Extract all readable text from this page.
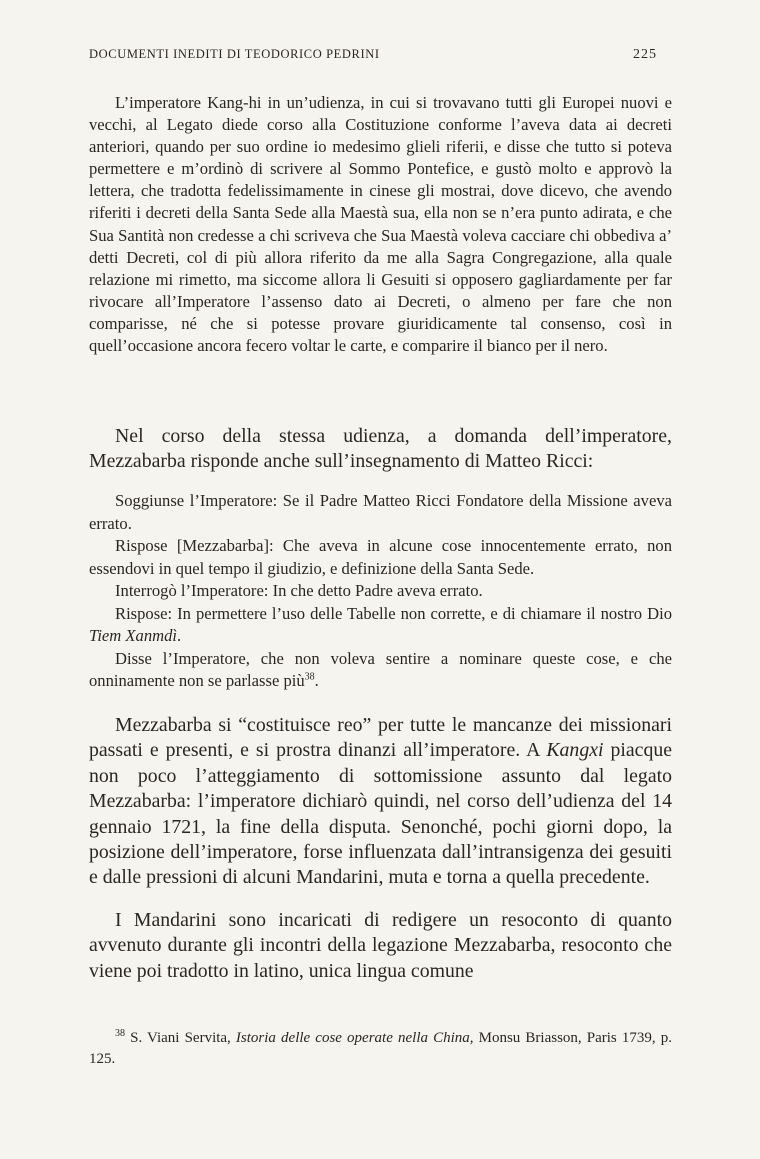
DOCUMENTI INEDITI DI TEODORICO PEDRINI	225

L’imperatore Kang-hi in un’udienza, in cui si trovavano tutti gli Europei nuovi e vecchi, al Legato diede corso alla Costituzione conforme l’aveva data ai decreti anteriori, quando per suo ordine io medesimo glieli riferii, e disse che tutto si poteva permettere e m’ordinò di scrivere al Sommo Pontefice, e gustò molto e approvò la lettera, che tradotta fedelissimamente in cinese gli mostrai, dove dicevo, che avendo riferiti i decreti della Santa Sede alla Maestà sua, ella non se n’era punto adirata, e che Sua Santità non credesse a chi scriveva che Sua Maestà voleva cacciare chi obbediva a’ detti Decreti, col di più allora riferito da me alla Sagra Congregazione, alla quale relazione mi rimetto, ma siccome allora li Gesuiti si opposero gagliardamente per far rivocare all’Imperatore l’assenso dato ai Decreti, o almeno per fare che non comparisse, né che si potesse provare giuridicamente tal consenso, così in quell’occasione ancora fecero voltar le carte, e comparire il bianco per il nero.

Nel corso della stessa udienza, a domanda dell’imperatore, Mezzabarba risponde anche sull’insegnamento di Matteo Ricci:

Soggiunse l’Imperatore: Se il Padre Matteo Ricci Fondatore della Missione aveva errato.
Rispose [Mezzabarba]: Che aveva in alcune cose innocentemente errato, non essendovi in quel tempo il giudizio, e definizione della Santa Sede.
Interrogò l’Imperatore: In che detto Padre aveva errato.
Rispose: In permettere l’uso delle Tabelle non corrette, e di chiamare il nostro Dio Tiem Xanmdì.
Disse l’Imperatore, che non voleva sentire a nominare queste cose, e che onninamente non se parlasse più$^{38}$.

Mezzabarba si “costituisce reo” per tutte le mancanze dei missionari passati e presenti, e si prostra dinanzi all’imperatore. A Kangxi piacque non poco l’atteggiamento di sottomissione assunto dal legato Mezzabarba: l’imperatore dichiarò quindi, nel corso dell’udienza del 14 gennaio 1721, la fine della disputa. Senonché, pochi giorni dopo, la posizione dell’imperatore, forse influenzata dall’intransigenza dei gesuiti e dalle pressioni di alcuni Mandarini, muta e torna a quella precedente.

I Mandarini sono incaricati di redigere un resoconto di quanto avvenuto durante gli incontri della legazione Mezzabarba, resoconto che viene poi tradotto in latino, unica lingua comune

$^{38}$ S. Viani Servita, Istoria delle cose operate nella China, Monsu Briasson, Paris 1739, p. 125.
